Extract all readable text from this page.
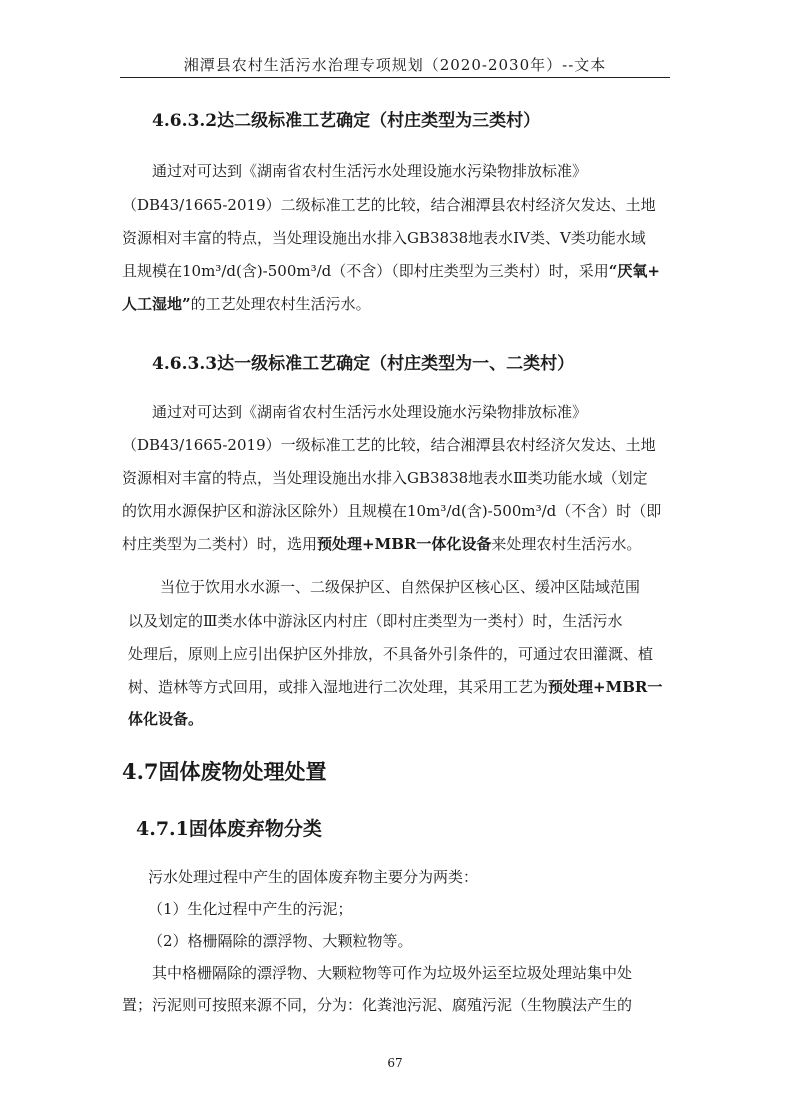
湘潭县农村生活污水治理专项规划（2020-2030年）--文本
4.6.3.2达二级标准工艺确定（村庄类型为三类村）
通过对可达到《湖南省农村生活污水处理设施水污染物排放标准》
（DB43/1665-2019）二级标准工艺的比较，结合湘潭县农村经济欠发达、土地
资源相对丰富的特点，当处理设施出水排入GB3838地表水IV类、V类功能水域
且规模在10m³/d(含)-500m³/d（不含）（即村庄类型为三类村）时，采用“厌氧+
人工湿地”的工艺处理农村生活污水。
4.6.3.3达一级标准工艺确定（村庄类型为一、二类村）
通过对可达到《湖南省农村生活污水处理设施水污染物排放标准》
（DB43/1665-2019）一级标准工艺的比较，结合湘潭县农村经济欠发达、土地
资源相对丰富的特点，当处理设施出水排入GB3838地表水Ⅲ类功能水域（划定
的饮用水源保护区和游泳区除外）且规模在10m³/d(含)-500m³/d（不含）时（即
村庄类型为二类村）时，选用预处理+MBR一体化设备来处理农村生活污水。
当位于饮用水水源一、二级保护区、自然保护区核心区、缓冲区陆域范围
以及划定的Ⅲ类水体中游泳区内村庄（即村庄类型为一类村）时，生活污水
处理后，原则上应引出保护区外排放，不具备外引条件的，可通过农田灌溉、植
树、造林等方式回用，或排入湿地进行二次处理，其采用工艺为预处理+MBR一
体化设备。
4.7固体废物处理处置
4.7.1固体废弃物分类
污水处理过程中产生的固体废弃物主要分为两类：
（1）生化过程中产生的污泥；
（2）格栅隔除的漂浮物、大颗粒物等。
其中格栅隔除的漂浮物、大颗粒物等可作为垃圾外运至垃圾处理站集中处
置；污泥则可按照来源不同，分为：化粪池污泥、腐殖污泥（生物膜法产生的
67
